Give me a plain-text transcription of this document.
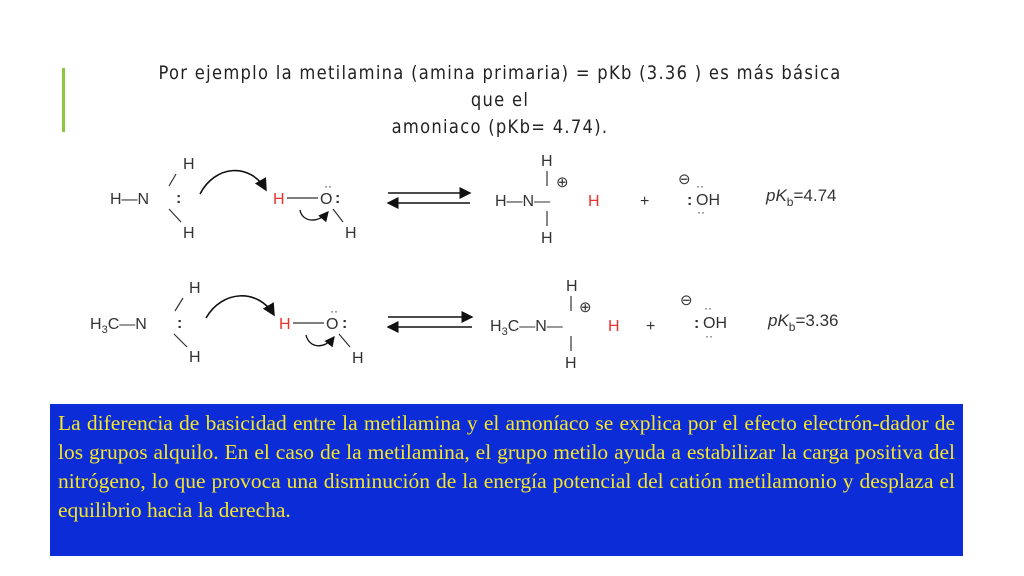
Por ejemplo la metilamina (amina primaria) = pKb (3.36 ) es más básica que el
amoniaco (pKb= 4.74).
H
H—N :
H
H O
··
:
H
H
⊕
H—N— H
H
+
⊖ ··
: OH
··
$pK_b=4.74$
H
$H_3C—N$ :
H
H O
··
:
H
H
⊕
$H_3C—N—$	H
H
+
⊖ ··
: OH
··
$pK_b=3.36$
La diferencia de basicidad entre la metilamina y el amoníaco se explica por el efecto electrón-dador de los grupos alquilo. En el caso de la metilamina, el grupo metilo ayuda a estabilizar la carga positiva del nitrógeno, lo que provoca una disminución de la energía potencial del catión metilamonio y desplaza el equilibrio hacia la derecha.
